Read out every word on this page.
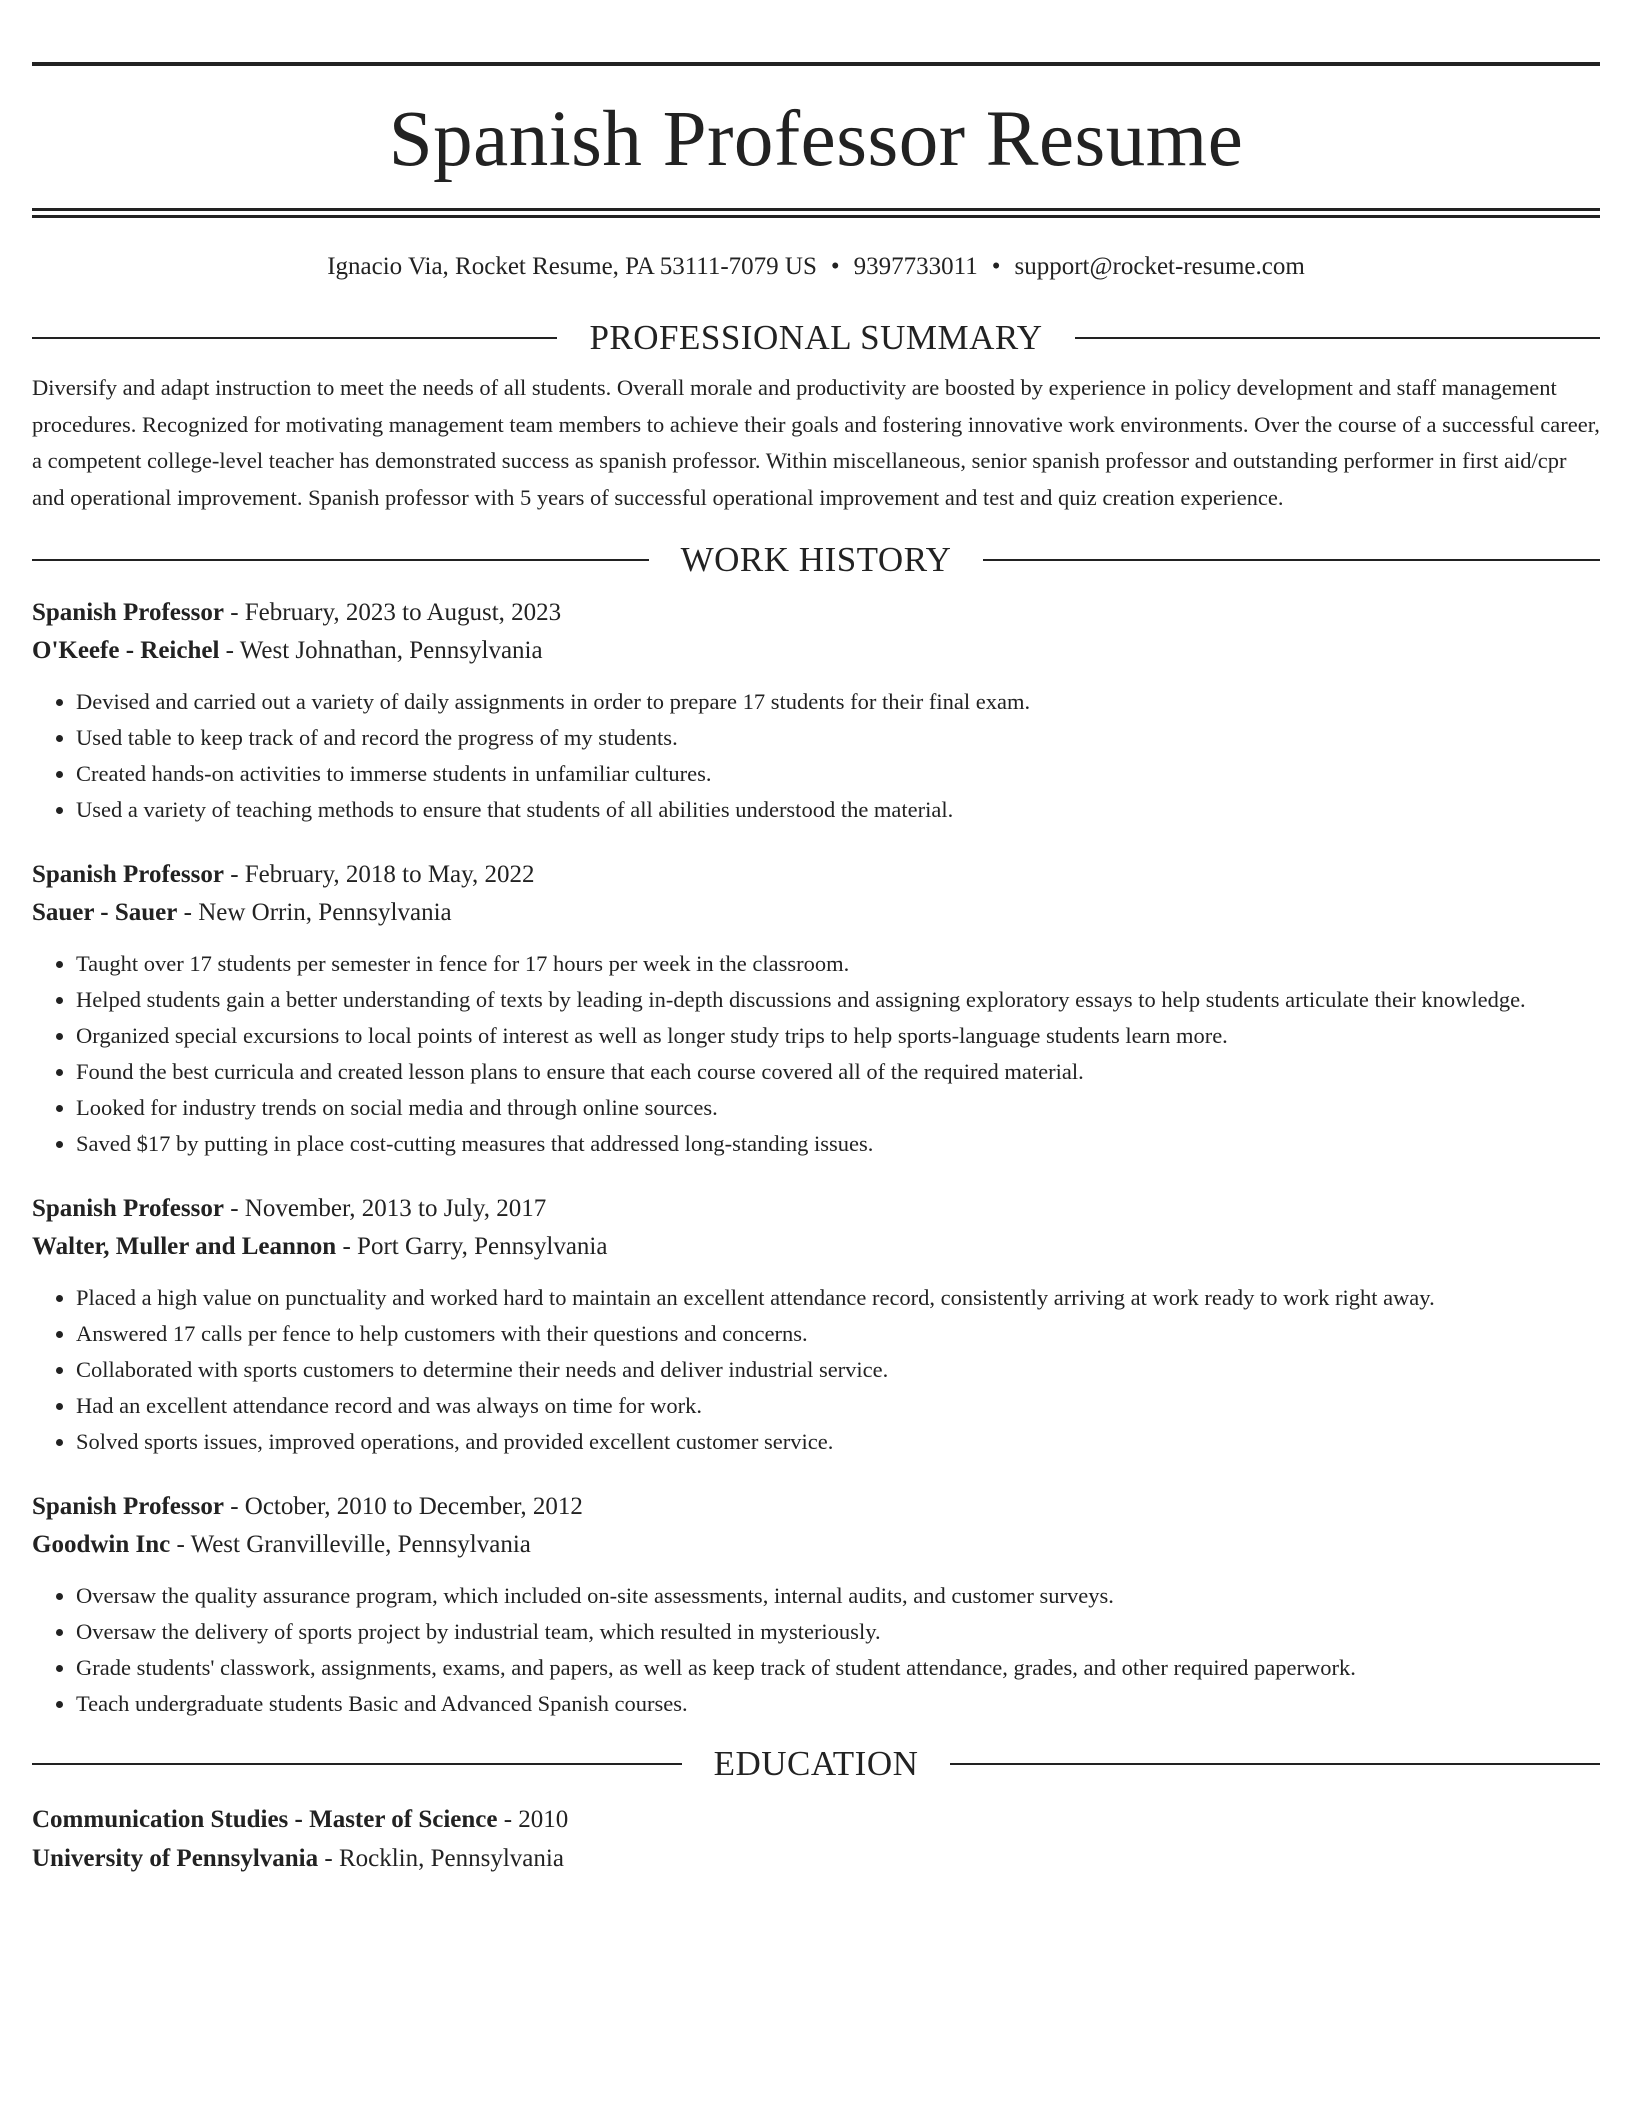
Spanish Professor Resume
Ignacio Via, Rocket Resume, PA 53111-7079 US • 9397733011 • support@rocket-resume.com
PROFESSIONAL SUMMARY

Diversify and adapt instruction to meet the needs of all students. Overall morale and productivity are boosted by experience in policy development and staff management procedures. Recognized for motivating management team members to achieve their goals and fostering innovative work environments. Over the course of a successful career, a competent college-level teacher has demonstrated success as spanish professor. Within miscellaneous, senior spanish professor and outstanding performer in first aid/cpr and operational improvement. Spanish professor with 5 years of successful operational improvement and test and quiz creation experience.

WORK HISTORY
Spanish Professor - February, 2023 to August, 2023
O'Keefe - Reichel - West Johnathan, Pennsylvania
• Devised and carried out a variety of daily assignments in order to prepare 17 students for their final exam.
• Used table to keep track of and record the progress of my students.
• Created hands-on activities to immerse students in unfamiliar cultures.
• Used a variety of teaching methods to ensure that students of all abilities understood the material.
Spanish Professor - February, 2018 to May, 2022
Sauer - Sauer - New Orrin, Pennsylvania
• Taught over 17 students per semester in fence for 17 hours per week in the classroom.
• Helped students gain a better understanding of texts by leading in-depth discussions and assigning exploratory essays to help students articulate their knowledge.
• Organized special excursions to local points of interest as well as longer study trips to help sports-language students learn more.
• Found the best curricula and created lesson plans to ensure that each course covered all of the required material.
• Looked for industry trends on social media and through online sources.
• Saved $17 by putting in place cost-cutting measures that addressed long-standing issues.
Spanish Professor - November, 2013 to July, 2017
Walter, Muller and Leannon - Port Garry, Pennsylvania
• Placed a high value on punctuality and worked hard to maintain an excellent attendance record, consistently arriving at work ready to work right away.
• Answered 17 calls per fence to help customers with their questions and concerns.
• Collaborated with sports customers to determine their needs and deliver industrial service.
• Had an excellent attendance record and was always on time for work.
• Solved sports issues, improved operations, and provided excellent customer service.
Spanish Professor - October, 2010 to December, 2012
Goodwin Inc - West Granvilleville, Pennsylvania
• Oversaw the quality assurance program, which included on-site assessments, internal audits, and customer surveys.
• Oversaw the delivery of sports project by industrial team, which resulted in mysteriously.
• Grade students' classwork, assignments, exams, and papers, as well as keep track of student attendance, grades, and other required paperwork.
• Teach undergraduate students Basic and Advanced Spanish courses.
EDUCATION
Communication Studies - Master of Science - 2010
University of Pennsylvania - Rocklin, Pennsylvania
